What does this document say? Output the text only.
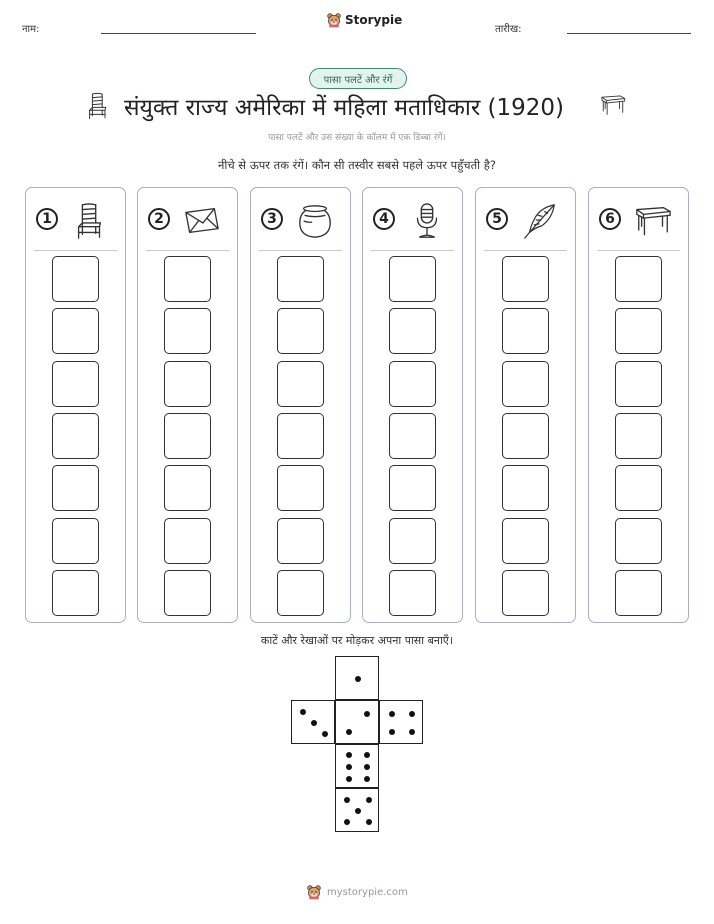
नाम:
Storypie
तारीख:
पासा पलटें और रंगें
संयुक्त राज्य अमेरिका में महिला मताधिकार (1920)
पासा पलटें और उस संख्या के कॉलम में एक डिब्बा रंगें।
नीचे से ऊपर तक रंगें। कौन सी तस्वीर सबसे पहले ऊपर पहुँचती है?
1	2	3	4	5	6
काटें और रेखाओं पर मोड़कर अपना पासा बनाएँ।
mystorypie.com
